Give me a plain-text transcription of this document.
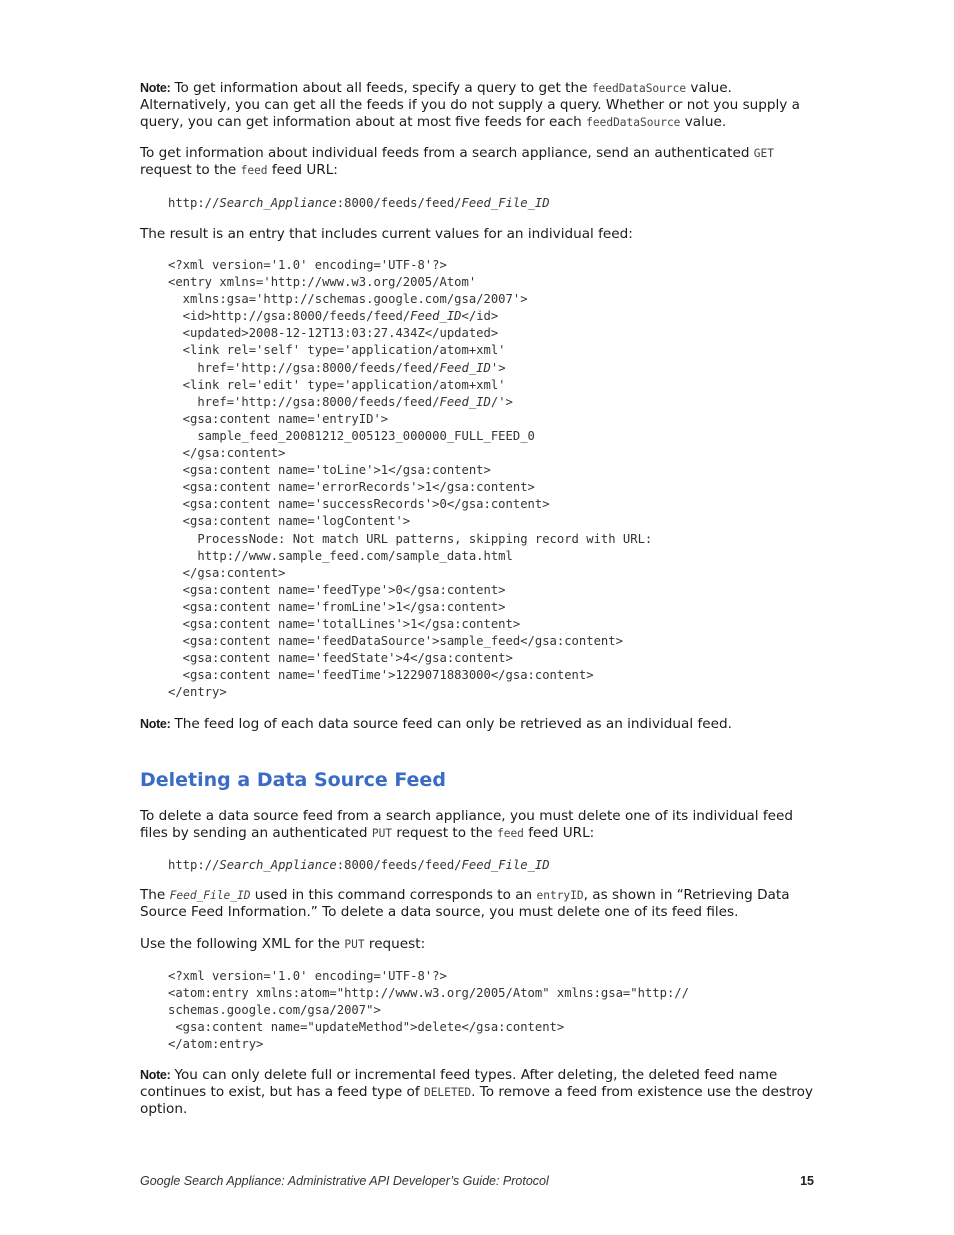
Note: To get information about all feeds, specify a query to get the feedDataSource value. Alternatively, you can get all the feeds if you do not supply a query. Whether or not you supply a query, you can get information about at most five feeds for each feedDataSource value.

To get information about individual feeds from a search appliance, send an authenticated GET request to the feed feed URL:

http://Search_Appliance:8000/feeds/feed/Feed_File_ID

The result is an entry that includes current values for an individual feed:

<?xml version='1.0' encoding='UTF-8'?>
<entry xmlns='http://www.w3.org/2005/Atom'
xmlns:gsa='http://schemas.google.com/gsa/2007'>
<id>http://gsa:8000/feeds/feed/Feed_ID</id>
<updated>2008-12-12T13:03:27.434Z</updated>
<link rel='self' type='application/atom+xml'
href='http://gsa:8000/feeds/feed/Feed_ID'>
<link rel='edit' type='application/atom+xml'
href='http://gsa:8000/feeds/feed/Feed_ID/'>
<gsa:content name='entryID'>
sample_feed_20081212_005123_000000_FULL_FEED_0
</gsa:content>
<gsa:content name='toLine'>1</gsa:content>
<gsa:content name='errorRecords'>1</gsa:content>
<gsa:content name='successRecords'>0</gsa:content>
<gsa:content name='logContent'>
ProcessNode: Not match URL patterns, skipping record with URL:
http://www.sample_feed.com/sample_data.html
</gsa:content>
<gsa:content name='feedType'>0</gsa:content>
<gsa:content name='fromLine'>1</gsa:content>
<gsa:content name='totalLines'>1</gsa:content>
<gsa:content name='feedDataSource'>sample_feed</gsa:content>
<gsa:content name='feedState'>4</gsa:content>
<gsa:content name='feedTime'>1229071883000</gsa:content>
</entry>

Note: The feed log of each data source feed can only be retrieved as an individual feed.

Deleting a Data Source Feed

To delete a data source feed from a search appliance, you must delete one of its individual feed files by sending an authenticated PUT request to the feed feed URL:

http://Search_Appliance:8000/feeds/feed/Feed_File_ID

The Feed_File_ID used in this command corresponds to an entryID, as shown in “Retrieving Data Source Feed Information.” To delete a data source, you must delete one of its feed files.

Use the following XML for the PUT request:

<?xml version='1.0' encoding='UTF-8'?>
<atom:entry xmlns:atom="http://www.w3.org/2005/Atom" xmlns:gsa="http://
schemas.google.com/gsa/2007">
<gsa:content name="updateMethod">delete</gsa:content>
</atom:entry>

Note: You can only delete full or incremental feed types. After deleting, the deleted feed name continues to exist, but has a feed type of DELETED. To remove a feed from existence use the destroy option.

Google Search Appliance: Administrative API Developer’s Guide: Protocol	15
